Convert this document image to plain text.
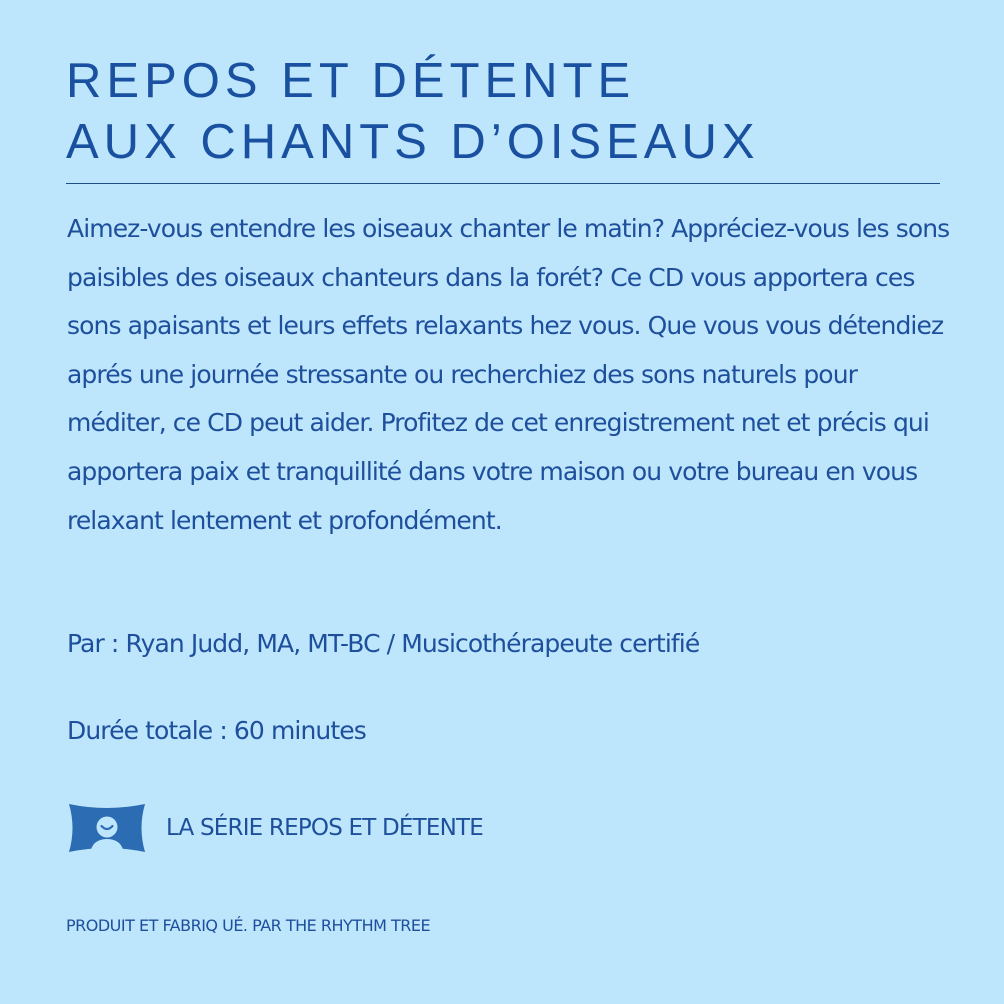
REPOS ET DÉTENTE
AUX CHANTS D’OISEAUX

Aimez-vous entendre les oiseaux chanter le matin? Appréciez-vous les sons paisibles des oiseaux chanteurs dans la forét? Ce CD vous apportera ces sons apaisants et leurs effets relaxants hez vous. Que vous vous détendiez aprés une journée stressante ou recherchiez des sons naturels pour méditer, ce CD peut aider. Profitez de cet enregistrement net et précis qui apportera paix et tranquillité dans votre maison ou votre bureau en vous relaxant lentement et profondément.

Par : Ryan Judd, MA, MT-BC / Musicothérapeute certifié

Durée totale : 60 minutes

LA SÉRIE REPOS ET DÉTENTE

PRODUIT ET FABRIQ UÉ. PAR THE RHYTHM TREE
